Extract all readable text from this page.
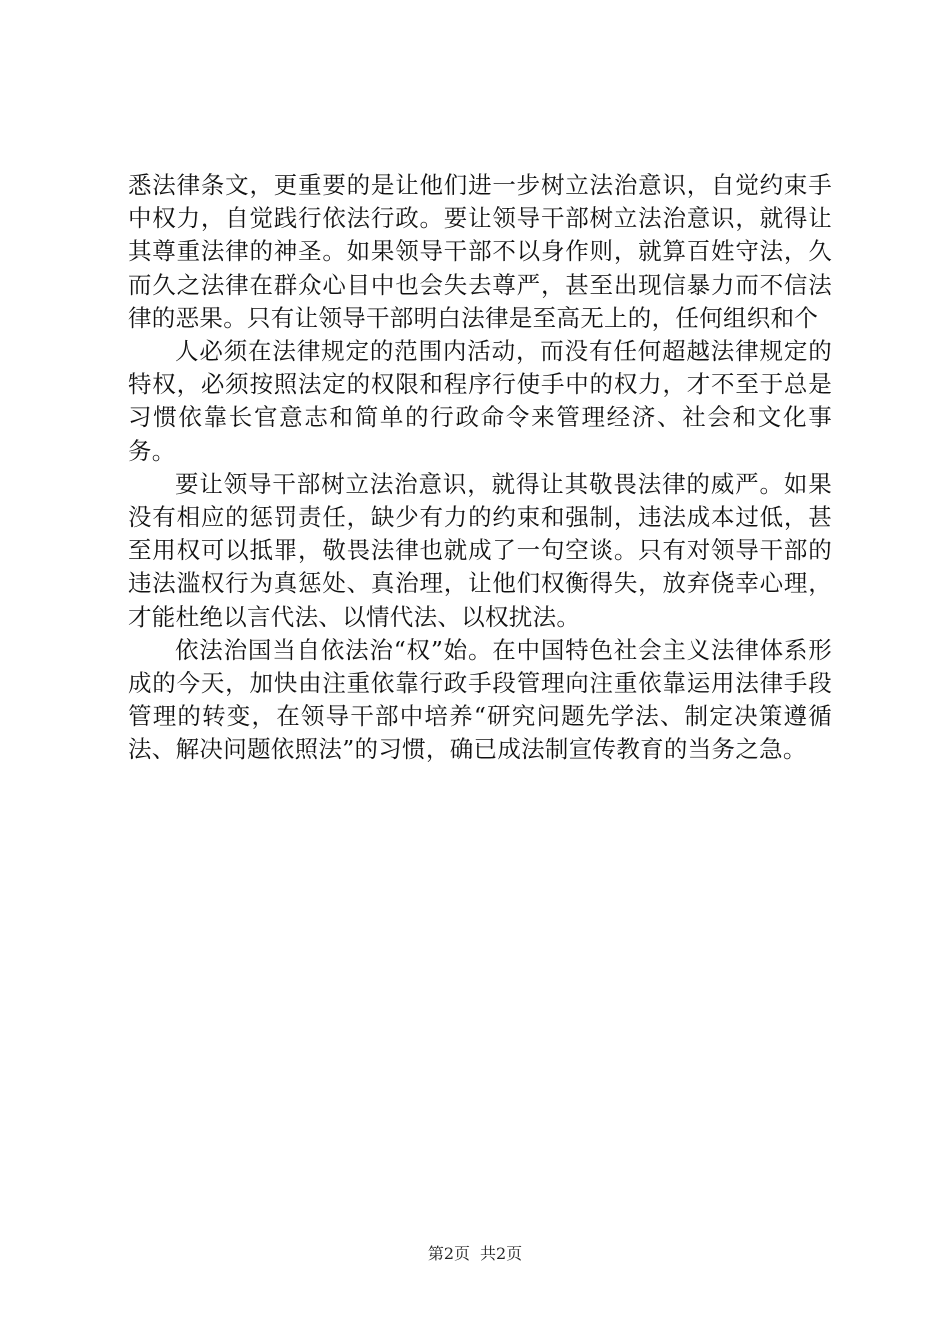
悉法律条文，更重要的是让他们进一步树立法治意识，自觉约束手中权力，自觉践行依法行政。要让领导干部树立法治意识，就得让其尊重法律的神圣。如果领导干部不以身作则，就算百姓守法，久而久之法律在群众心目中也会失去尊严，甚至出现信暴力而不信法律的恶果。只有让领导干部明白法律是至高无上的，任何组织和个

人必须在法律规定的范围内活动，而没有任何超越法律规定的特权，必须按照法定的权限和程序行使手中的权力，才不至于总是习惯依靠长官意志和简单的行政命令来管理经济、社会和文化事务。

要让领导干部树立法治意识，就得让其敬畏法律的威严。如果没有相应的惩罚责任，缺少有力的约束和强制，违法成本过低，甚至用权可以抵罪，敬畏法律也就成了一句空谈。只有对领导干部的违法滥权行为真惩处、真治理，让他们权衡得失，放弃侥幸心理，才能杜绝以言代法、以情代法、以权扰法。

依法治国当自依法治“权”始。在中国特色社会主义法律体系形成的今天，加快由注重依靠行政手段管理向注重依靠运用法律手段管理的转变，在领导干部中培养“研究问题先学法、制定决策遵循法、解决问题依照法”的习惯，确已成法制宣传教育的当务之急。

第2页 共2页
